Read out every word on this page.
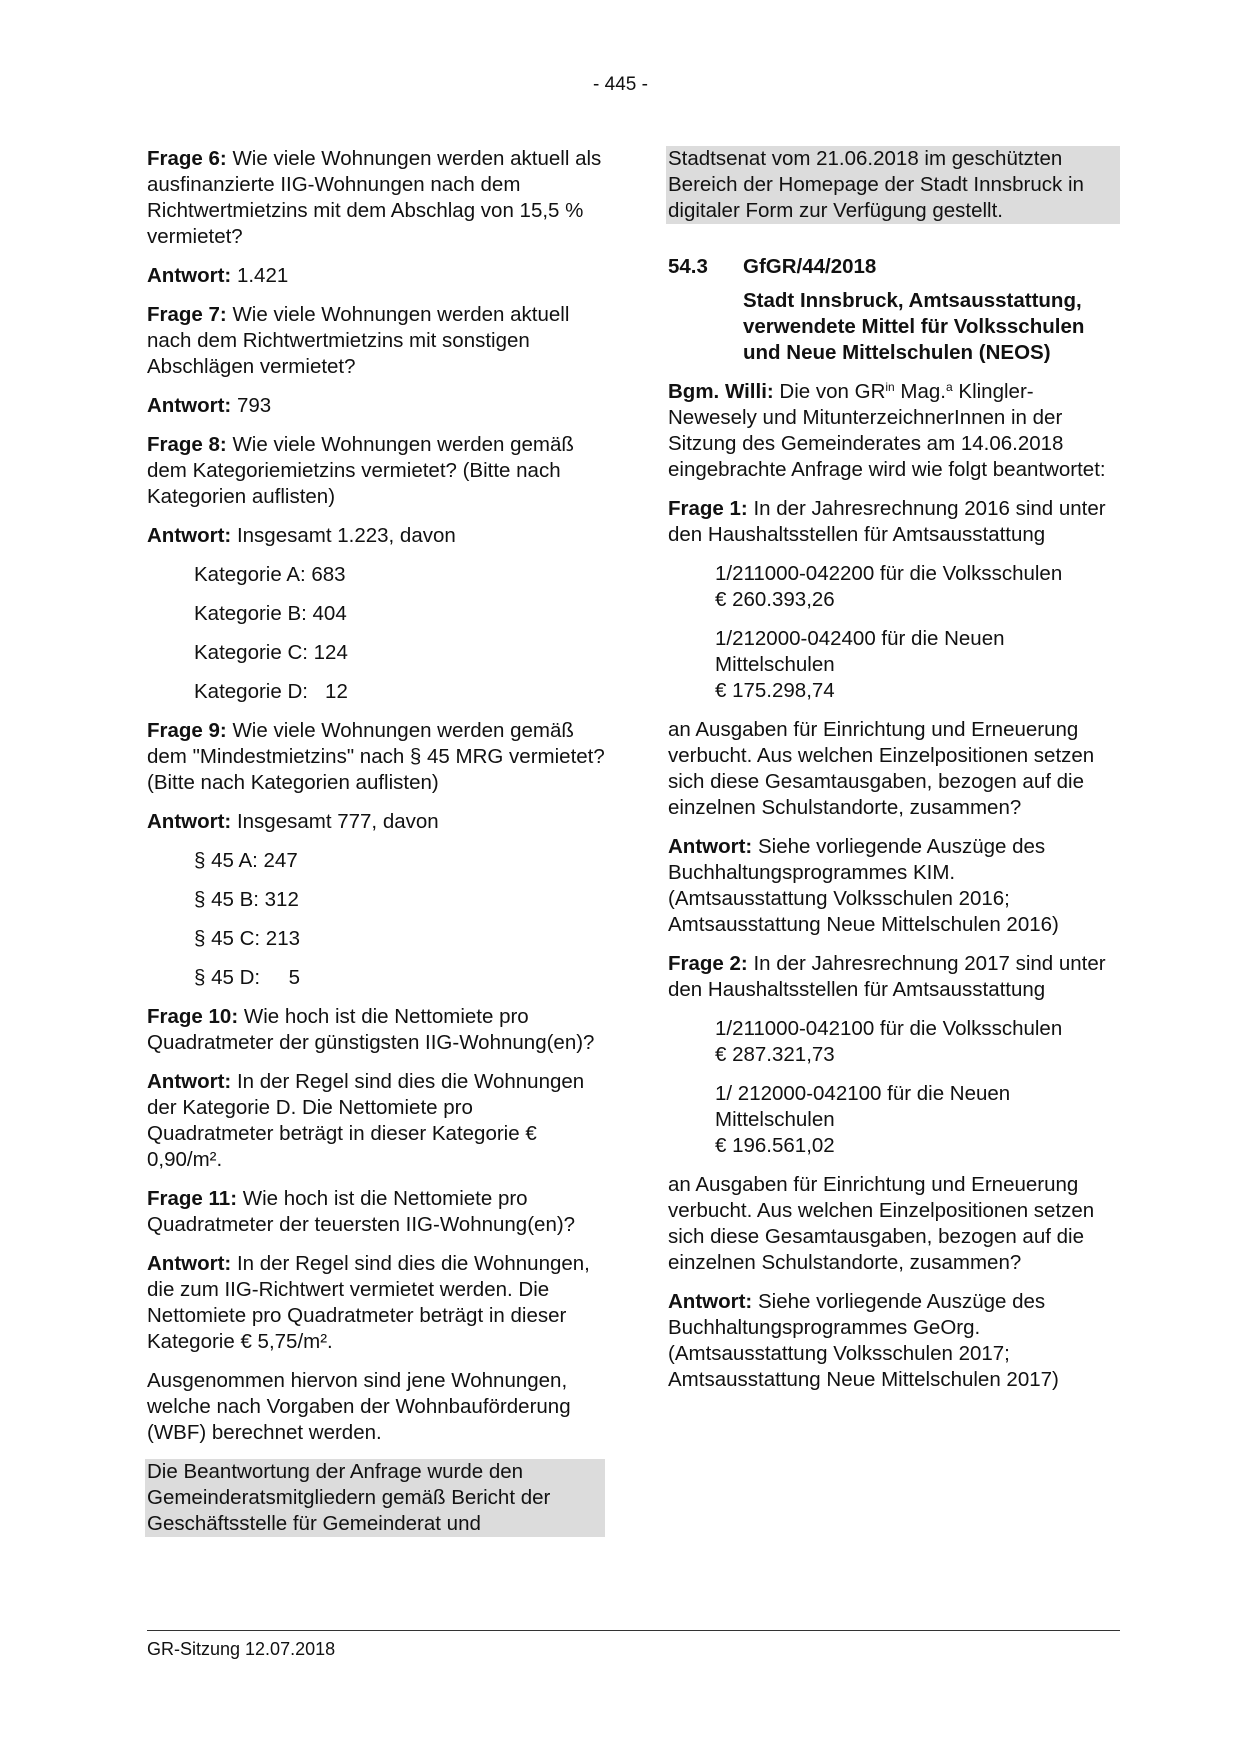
- 445 -

Frage 6: Wie viele Wohnungen werden aktuell als ausfinanzierte IIG-Wohnungen nach dem Richtwertmietzins mit dem Abschlag von 15,5 % vermietet?

Antwort: 1.421

Frage 7: Wie viele Wohnungen werden aktuell nach dem Richtwertmietzins mit sonstigen Abschlägen vermietet?

Antwort: 793

Frage 8: Wie viele Wohnungen werden gemäß dem Kategoriemietzins vermietet? (Bitte nach Kategorien auflisten)

Antwort: Insgesamt 1.223, davon

Kategorie A: 683

Kategorie B: 404

Kategorie C: 124

Kategorie D:   12

Frage 9: Wie viele Wohnungen werden gemäß dem "Mindestmietzins" nach § 45 MRG vermietet? (Bitte nach Kategorien auflisten)

Antwort: Insgesamt 777, davon

§ 45 A: 247

§ 45 B: 312

§ 45 C: 213

§ 45 D:     5

Frage 10: Wie hoch ist die Nettomiete pro Quadratmeter der günstigsten IIG-Wohnung(en)?

Antwort: In der Regel sind dies die Wohnungen der Kategorie D. Die Nettomiete pro Quadratmeter beträgt in dieser Kategorie € 0,90/m².

Frage 11: Wie hoch ist die Nettomiete pro Quadratmeter der teuersten IIG-Wohnung(en)?

Antwort: In der Regel sind dies die Wohnungen, die zum IIG-Richtwert vermietet werden. Die Nettomiete pro Quadratmeter beträgt in dieser Kategorie € 5,75/m².

Ausgenommen hiervon sind jene Wohnungen, welche nach Vorgaben der Wohnbauförderung (WBF) berechnet werden.

Die Beantwortung der Anfrage wurde den Gemeinderatsmitgliedern gemäß Bericht der Geschäftsstelle für Gemeinderat und

Stadtsenat vom 21.06.2018 im geschützten Bereich der Homepage der Stadt Innsbruck in digitaler Form zur Verfügung gestellt.

54.3	GfGR/44/2018

Stadt Innsbruck, Amtsausstattung, verwendete Mittel für Volksschulen und Neue Mittelschulen (NEOS)

Bgm. Willi: Die von $GR^{in}$ Mag.$^a$ Klingler-Newesely und MitunterzeichnerInnen in der Sitzung des Gemeinderates am 14.06.2018 eingebrachte Anfrage wird wie folgt beantwortet:

Frage 1: In der Jahresrechnung 2016 sind unter den Haushaltsstellen für Amtsausstattung

1/211000-042200 für die Volksschulen
€ 260.393,26

1/212000-042400 für die Neuen Mittelschulen
€ 175.298,74

an Ausgaben für Einrichtung und Erneuerung verbucht. Aus welchen Einzelpositionen setzen sich diese Gesamtausgaben, bezogen auf die einzelnen Schulstandorte, zusammen?

Antwort: Siehe vorliegende Auszüge des Buchhaltungsprogrammes KIM. (Amtsausstattung Volksschulen 2016; Amtsausstattung Neue Mittelschulen 2016)

Frage 2: In der Jahresrechnung 2017 sind unter den Haushaltsstellen für Amtsausstattung

1/211000-042100 für die Volksschulen
€ 287.321,73

1/ 212000-042100 für die Neuen Mittelschulen
€ 196.561,02

an Ausgaben für Einrichtung und Erneuerung verbucht. Aus welchen Einzelpositionen setzen sich diese Gesamtausgaben, bezogen auf die einzelnen Schulstandorte, zusammen?

Antwort: Siehe vorliegende Auszüge des Buchhaltungsprogrammes GeOrg. (Amtsausstattung Volksschulen 2017; Amtsausstattung Neue Mittelschulen 2017)

GR-Sitzung 12.07.2018
